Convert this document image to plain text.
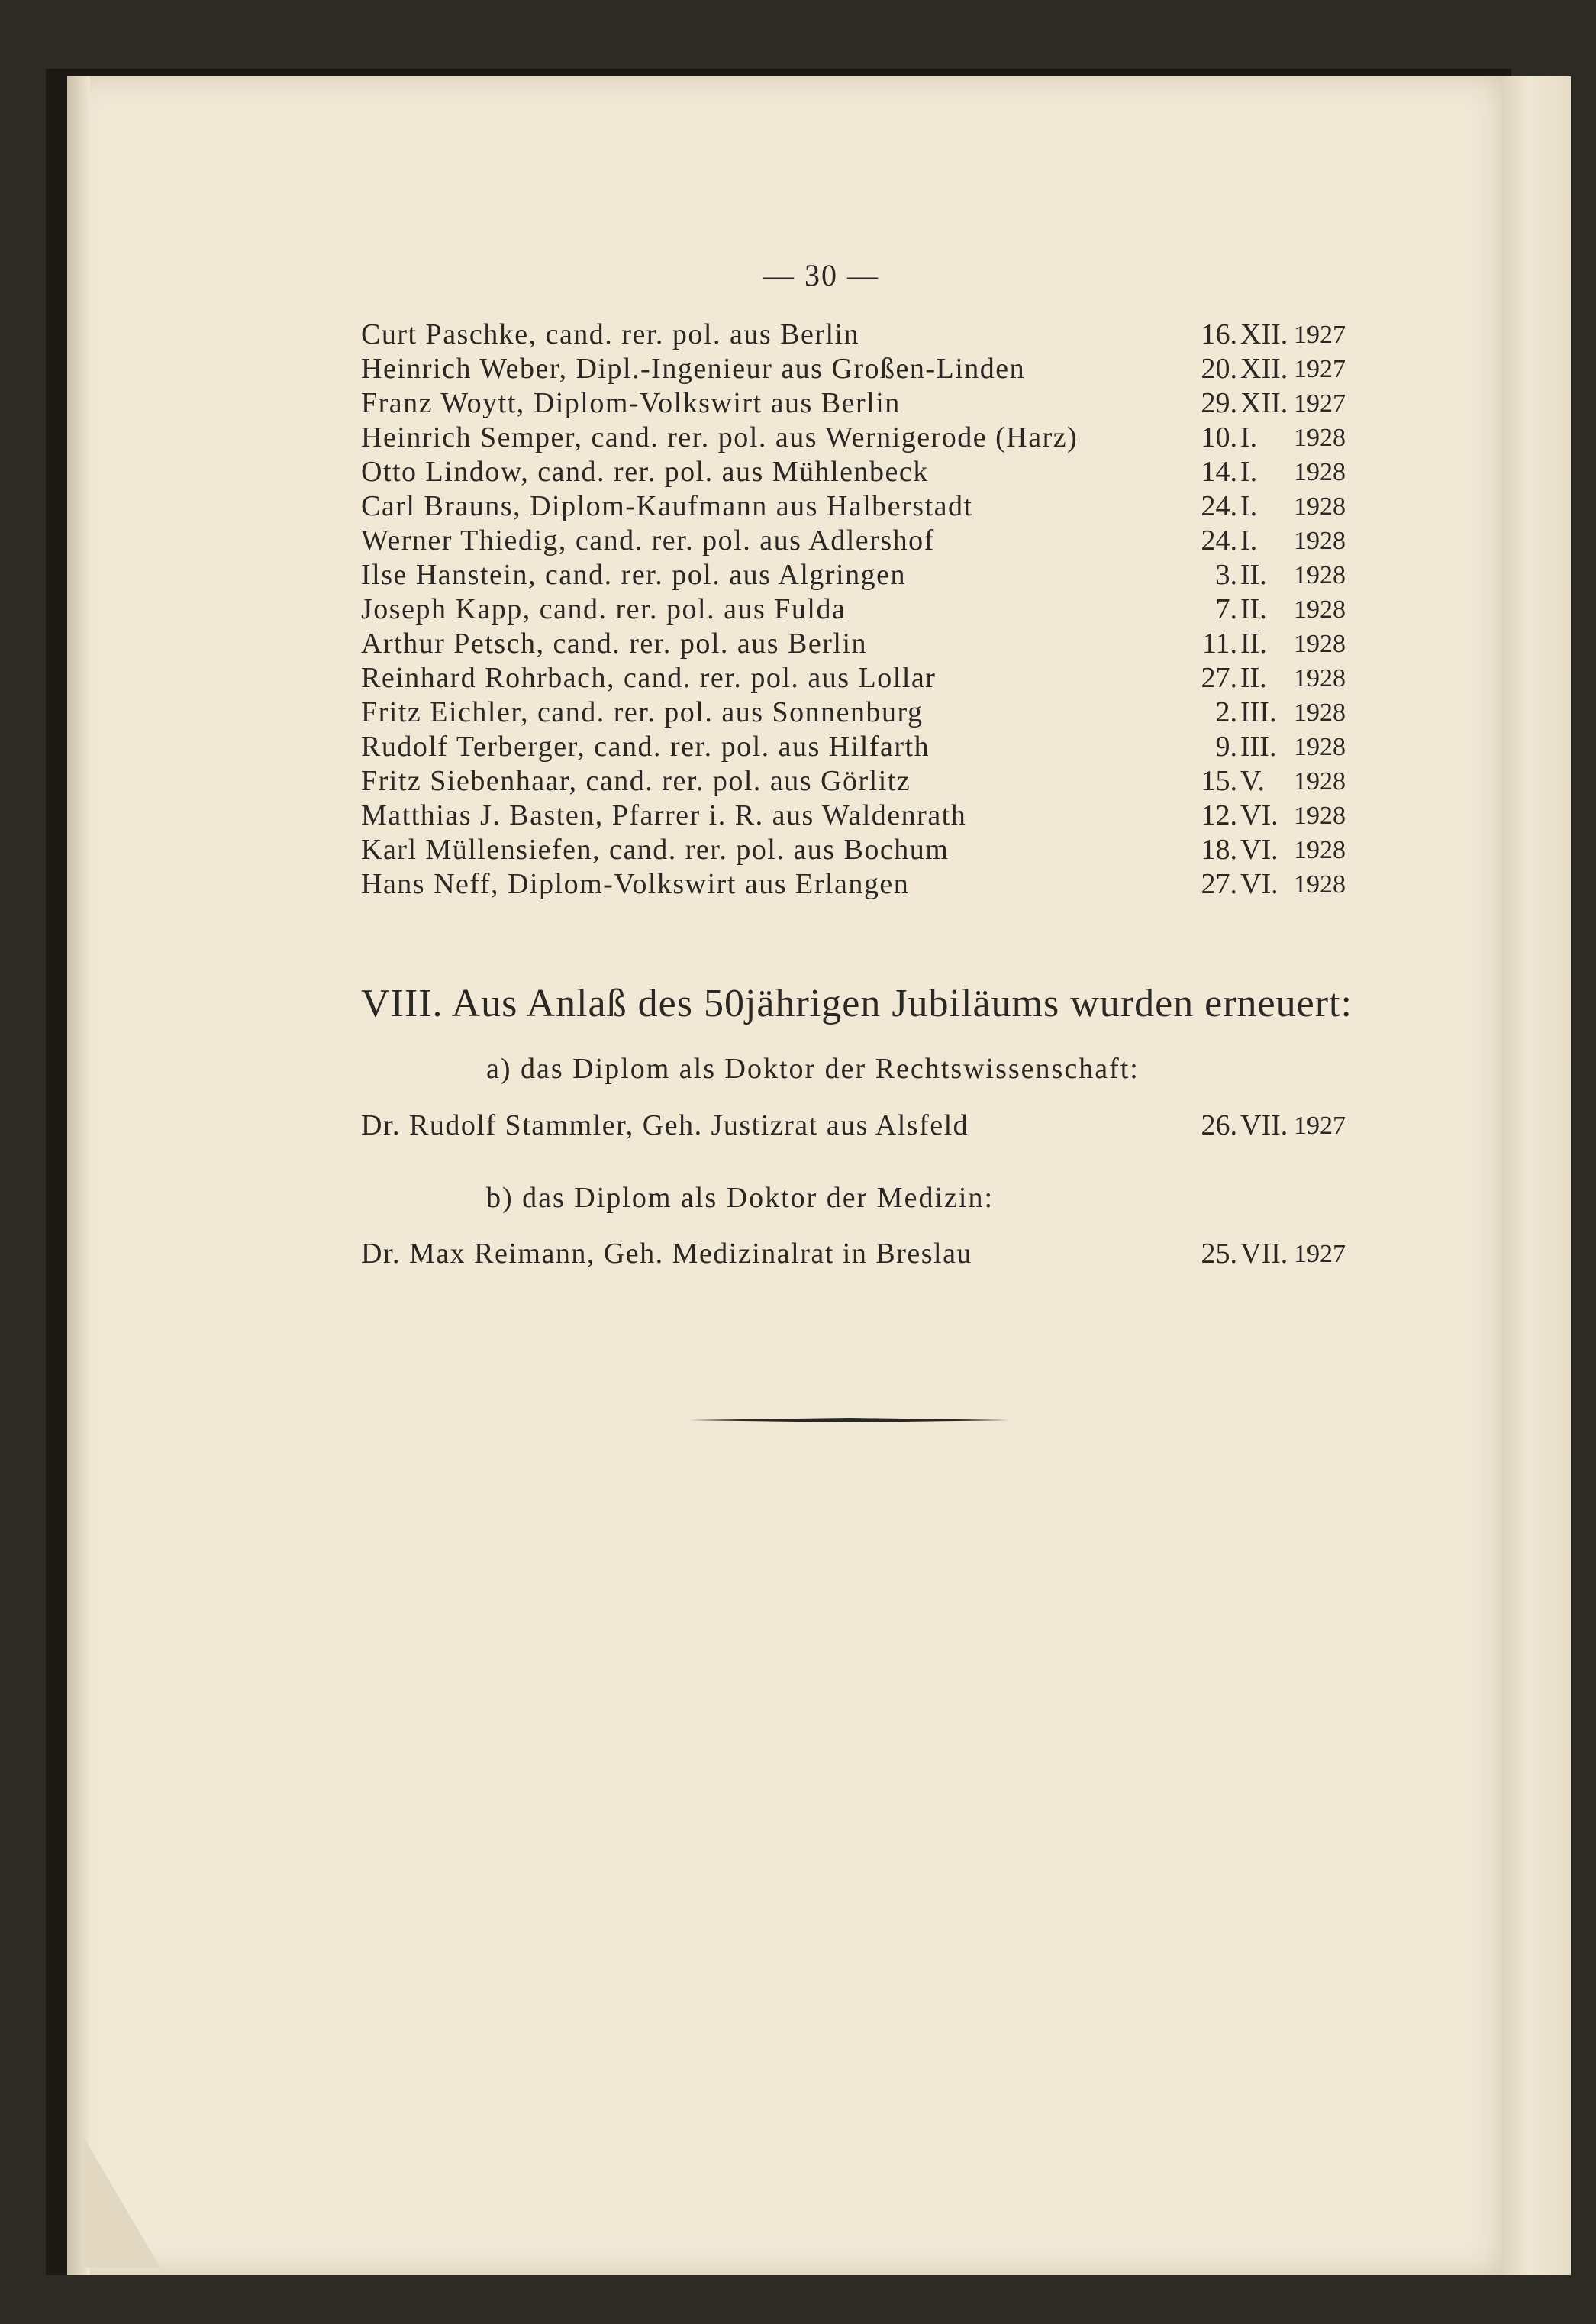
— 30 —
Curt Paschke, cand. rer. pol. aus Berlin	16. XII. 1927
Heinrich Weber, Dipl.-Ingenieur aus Großen-Linden	20. XII. 1927
Franz Woytt, Diplom-Volkswirt aus Berlin	29. XII. 1927
Heinrich Semper, cand. rer. pol. aus Wernigerode (Harz)	10. I.	1928
Otto Lindow, cand. rer. pol. aus Mühlenbeck	14. I.	1928
Carl Brauns, Diplom-Kaufmann aus Halberstadt	24. I.	1928
Werner Thiedig, cand. rer. pol. aus Adlershof	24. I.	1928
Ilse Hanstein, cand. rer. pol. aus Algringen	3. II.	1928
Joseph Kapp, cand. rer. pol. aus Fulda	7. II.	1928
Arthur Petsch, cand. rer. pol. aus Berlin	11. II.	1928
Reinhard Rohrbach, cand. rer. pol. aus Lollar	27. II.	1928
Fritz Eichler, cand. rer. pol. aus Sonnenburg	2. III. 1928
Rudolf Terberger, cand. rer. pol. aus Hilfarth	9. III. 1928
Fritz Siebenhaar, cand. rer. pol. aus Görlitz	15. V.	1928
Matthias J. Basten, Pfarrer i. R. aus Waldenrath	12. VI. 1928
Karl Müllensiefen, cand. rer. pol. aus Bochum	18. VI. 1928
Hans Neff, Diplom-Volkswirt aus Erlangen	27. VI. 1928
VIII. Aus Anlaß des 50jährigen Jubiläums wurden erneuert:
a) das Diplom als Doktor der Rechtswissenschaft:
Dr. Rudolf Stammler, Geh. Justizrat aus Alsfeld	26. VII. 1927
b) das Diplom als Doktor der Medizin:
Dr. Max Reimann, Geh. Medizinalrat in Breslau	25. VII. 1927
